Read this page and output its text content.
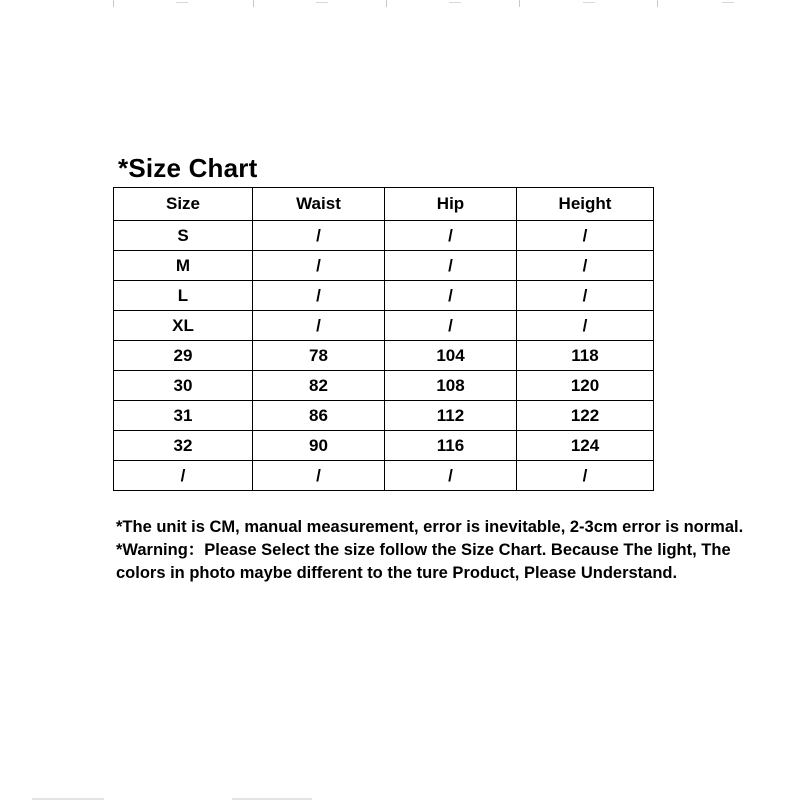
*Size Chart
Size	Waist	Hip	Height
S	/	/	/
M	/	/	/
L	/	/	/
XL	/	/	/
29	78	104	118
30	82	108	120
31	86	112	122
32	90	116	124
/	/	/	/

*The unit is CM, manual measurement, error is inevitable, 2-3cm error is normal.

*Warning：Please Select the size follow the Size Chart. Because The light, The

colors in photo maybe different to the ture Product, Please Understand.
